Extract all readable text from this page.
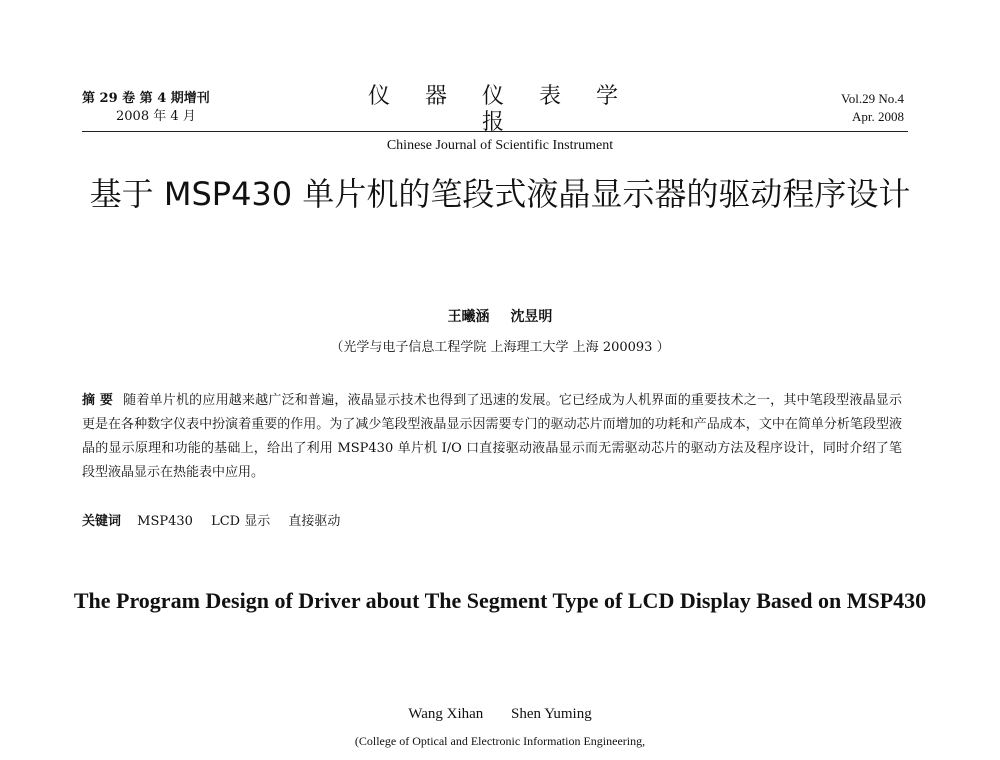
第 29 卷 第 4 期增刊
2008 年 4 月
仪 器 仪 表 学 报
Chinese Journal of Scientific Instrument
Vol.29 No.4
Apr. 2008
基于 MSP430 单片机的笔段式液晶显示器的驱动程序设计
王曦涵 沈昱明
（光学与电子信息工程学院 上海理工大学 上海 200093 ）
摘 要 随着单片机的应用越来越广泛和普遍，液晶显示技术也得到了迅速的发展。它已经成为人机界面的重要技术之一，其中笔段型液晶显示更是在各种数字仪表中扮演着重要的作用。为了减少笔段型液晶显示因需要专门的驱动芯片而增加的功耗和产品成本，文中在简单分析笔段型液晶的显示原理和功能的基础上，给出了利用 MSP430 单片机 I/O 口直接驱动液晶显示而无需驱动芯片的驱动方法及程序设计，同时介绍了笔段型液晶显示在热能表中应用。
关键词 MSP430 LCD 显示 直接驱动
The Program Design of Driver about The Segment Type of LCD Display Based on MSP430
Wang Xihan Shen Yuming
(College of Optical and Electronic Information Engineering,
